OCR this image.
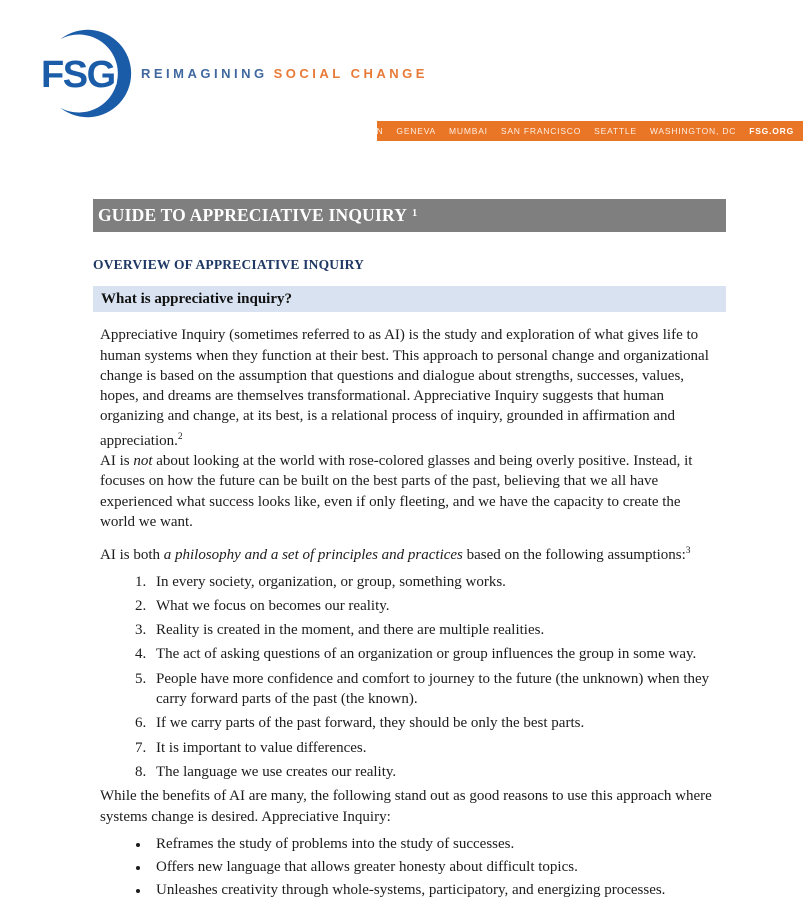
FSG REIMAGINING SOCIAL CHANGE
BOSTON GENEVA MUMBAI SAN FRANCISCO SEATTLE WASHINGTON, DC FSG.ORG
GUIDE TO APPRECIATIVE INQUIRY $^1$
OVERVIEW OF APPRECIATIVE INQUIRY
What is appreciative inquiry?

Appreciative Inquiry (sometimes referred to as AI) is the study and exploration of what gives life to human systems when they function at their best. This approach to personal change and organizational change is based on the assumption that questions and dialogue about strengths, successes, values, hopes, and dreams are themselves transformational. Appreciative Inquiry suggests that human organizing and change, at its best, is a relational process of inquiry, grounded in affirmation and appreciation.$^2$

AI is not about looking at the world with rose-colored glasses and being overly positive. Instead, it focuses on how the future can be built on the best parts of the past, believing that we all have experienced what success looks like, even if only fleeting, and we have the capacity to create the world we want.

AI is both a philosophy and a set of principles and practices based on the following assumptions:$^3$

1. In every society, organization, or group, something works.
2. What we focus on becomes our reality.
3. Reality is created in the moment, and there are multiple realities.
4. The act of asking questions of an organization or group influences the group in some way.
5. People have more confidence and comfort to journey to the future (the unknown) when they carry forward parts of the past (the known).
6. If we carry parts of the past forward, they should be only the best parts.
7. It is important to value differences.
8. The language we use creates our reality.

While the benefits of AI are many, the following stand out as good reasons to use this approach where systems change is desired. Appreciative Inquiry:

• Reframes the study of problems into the study of successes.
• Offers new language that allows greater honesty about difficult topics.
• Unleashes creativity through whole-systems, participatory, and energizing processes.
